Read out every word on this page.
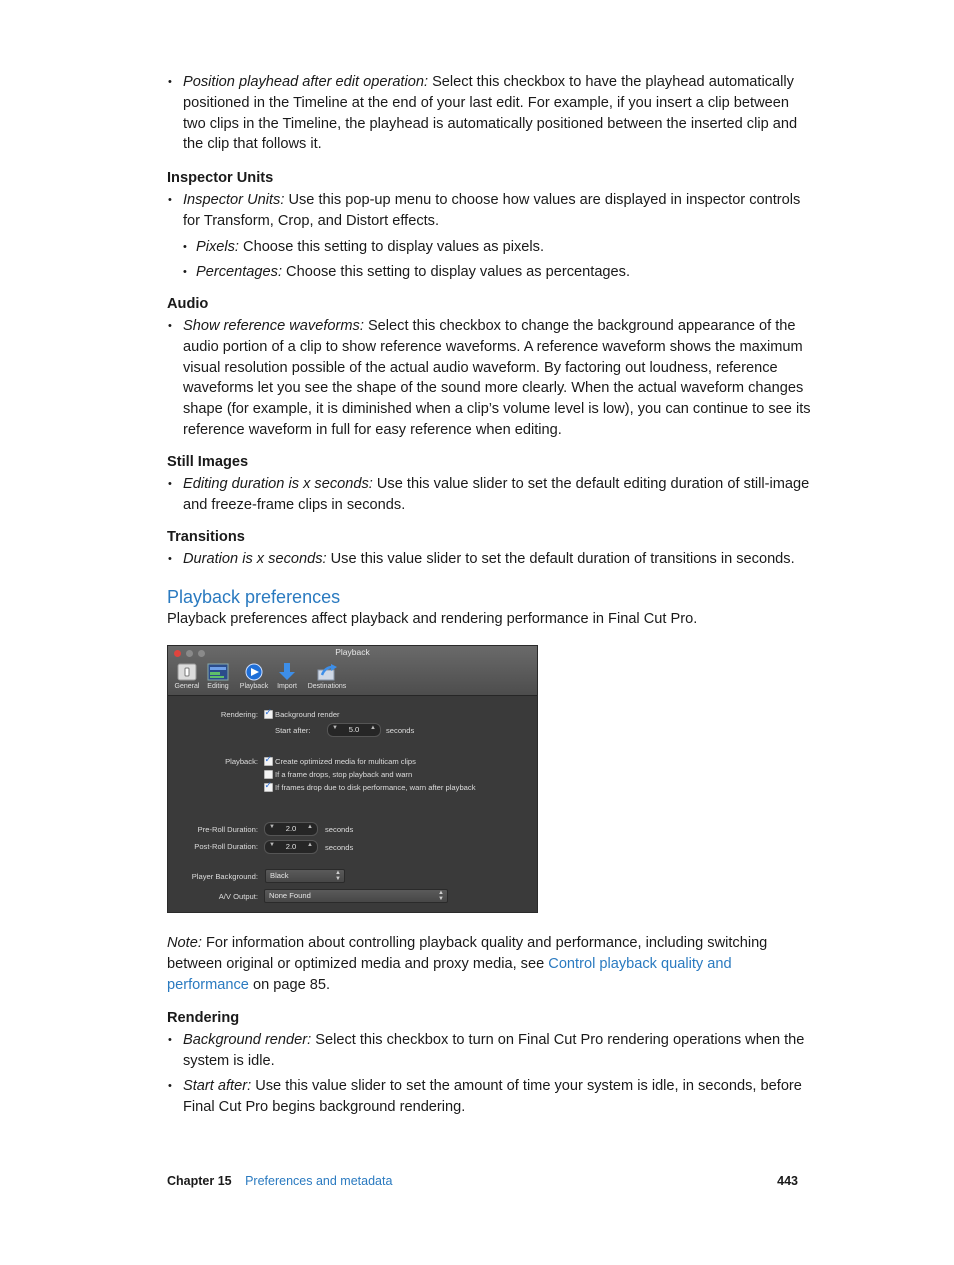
• Position playhead after edit operation: Select this checkbox to have the playhead automatically positioned in the Timeline at the end of your last edit. For example, if you insert a clip between two clips in the Timeline, the playhead is automatically positioned between the inserted clip and the clip that follows it.

Inspector Units

• Inspector Units: Use this pop-up menu to choose how values are displayed in inspector controls for Transform, Crop, and Distort effects.

• Pixels: Choose this setting to display values as pixels.

• Percentages: Choose this setting to display values as percentages.

Audio

• Show reference waveforms: Select this checkbox to change the background appearance of the audio portion of a clip to show reference waveforms. A reference waveform shows the maximum visual resolution possible of the actual audio waveform. By factoring out loudness, reference waveforms let you see the shape of the sound more clearly. When the actual waveform changes shape (for example, it is diminished when a clip’s volume level is low), you can continue to see its reference waveform in full for easy reference when editing.

Still Images

• Editing duration is x seconds: Use this value slider to set the default editing duration of still-image and freeze-frame clips in seconds.

Transitions

• Duration is x seconds: Use this value slider to set the default duration of transitions in seconds.

Playback preferences

Playback preferences affect playback and rendering performance in Final Cut Pro.

Note: For information about controlling playback quality and performance, including switching between original or optimized media and proxy media, see Control playback quality and performance on page 85.

Rendering

• Background render: Select this checkbox to turn on Final Cut Pro rendering operations when the system is idle.

• Start after: Use this value slider to set the amount of time your system is idle, in seconds, before Final Cut Pro begins background rendering.

Playback
General	Editing	Playback	Import	Destinations
Rendering: ✓ Background render
Start after:	▼	5.0	▲ seconds
Playback: ✓ Create optimized media for multicam clips
If a frame drops, stop playback and warn
✓
If frames drop due to disk performance, warn after playback
Pre-Roll Duration: ▼	2.0	▲ seconds
Post-Roll Duration: ▼	2.0	▲ seconds
Player Background: Black	▲
▼
A/V Output: None Found	▲
▼
Chapter 15 Preferences and metadata	443
